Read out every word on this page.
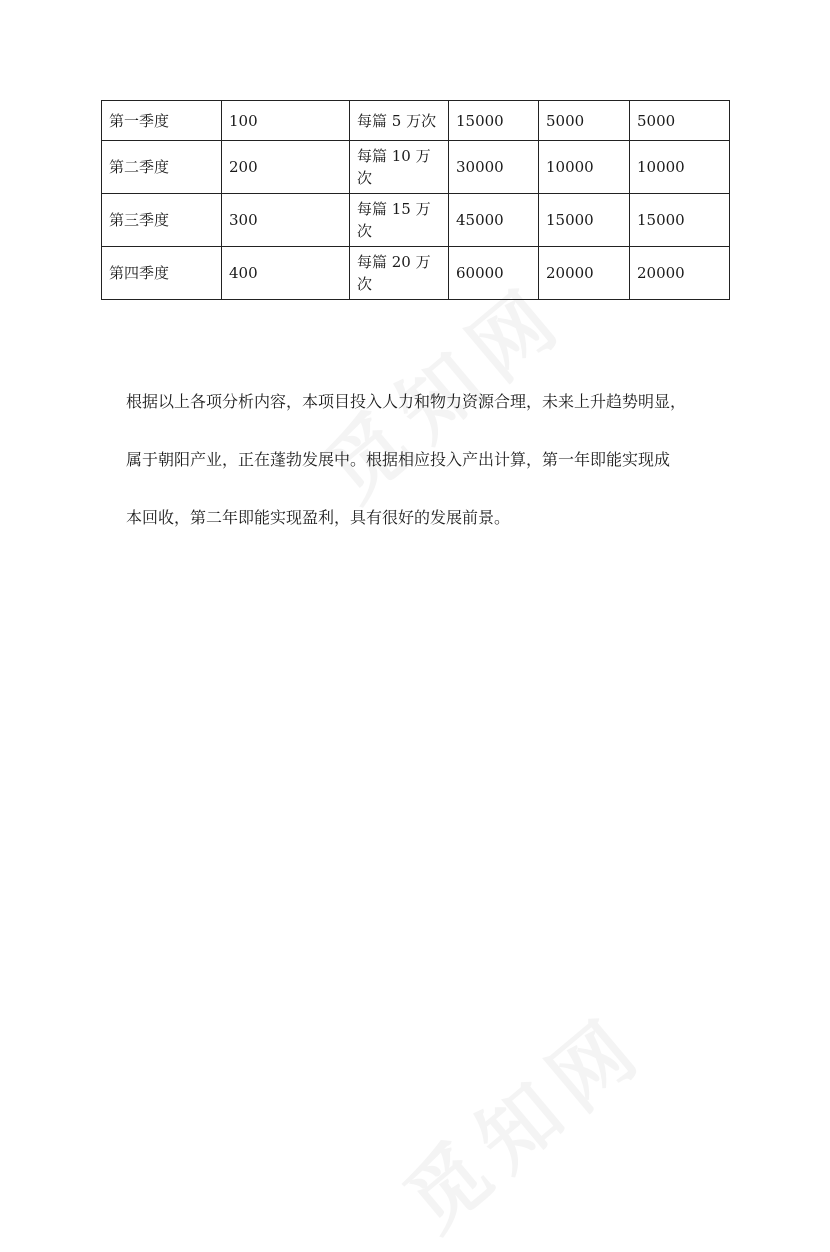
第一季度	100	每篇 5 万次	15000	5000	5000
第二季度	200	每篇 10 万次	30000	10000	10000
第三季度	300	每篇 15 万次	45000	15000	15000
第四季度	400	每篇 20 万次	60000	20000	20000
根据以上各项分析内容，本项目投入人力和物力资源合理，未来上升趋势明显，
属于朝阳产业，正在蓬勃发展中。根据相应投入产出计算，第一年即能实现成
本回收，第二年即能实现盈利，具有很好的发展前景。
